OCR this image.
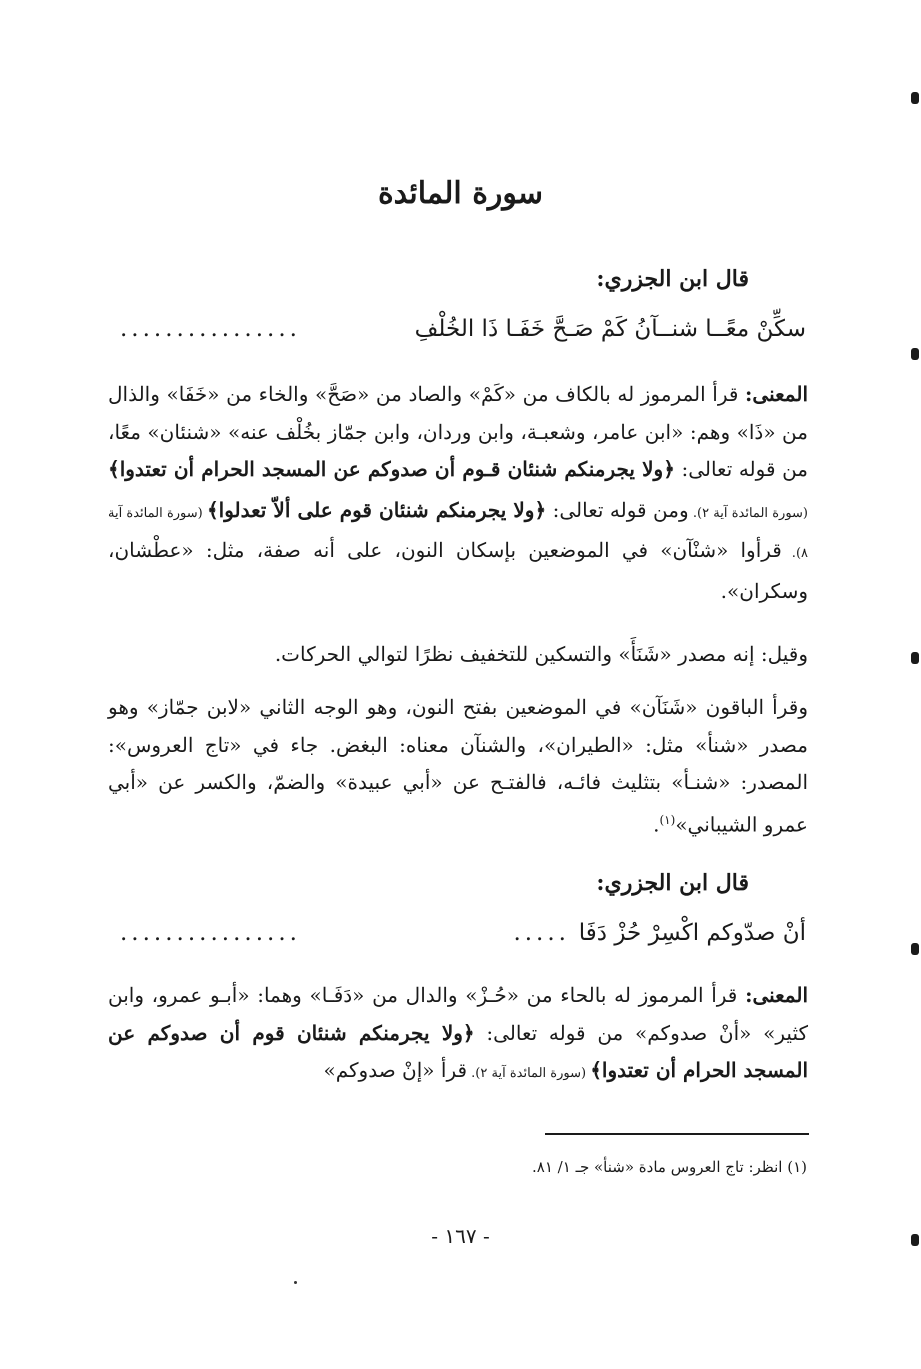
سورة المائدة
قال ابن الجزري:
سكِّنْ معًــا شنــآنُ كَمْ صَـحَّ خَفَـا ذَا الخُلْفِ
................
المعنى: قرأ المرموز له بالكاف من «كَمْ» والصاد من «صَحَّ» والخاء من «خَفَا» والذال من «ذَا» وهم: «ابن عامر، وشعبـة، وابن وردان، وابن جمّاز بخُلْف عنه» «شنئان» معًا، من قوله تعالى: ﴿ولا يجرمنكم شنئان قـوم أن صدوكم عن المسجد الحرام أن تعتدوا﴾ (سورة المائدة آية ٢). ومن قوله تعالى: ﴿ولا يجرمنكم شنئان قوم على ألاّ تعدلوا﴾ (سورة المائدة آية ٨). قرأوا «شنْآن» في الموضعين بإسكان النون، على أنه صفة، مثل: «عطْشان، وسكران».
وقيل: إنه مصدر «شَنَأَ» والتسكين للتخفيف نظرًا لتوالي الحركات.
وقرأ الباقون «شَنَآن» في الموضعين بفتح النون، وهو الوجه الثاني «لابن جمّاز» وهو مصدر «شنأ» مثل: «الطيران»، والشنآن معناه: البغض. جاء في «تاج العروس»: المصدر: «شنـأ» بتثليث فائـه، فالفتـح عن «أبي عبيدة» والضمّ، والكسر عن «أبي عمرو الشيباني»$^{(١)}$.
قال ابن الجزري:
أنْ صدّوكم اكْسِرْ حُزْ دَفَا
.....
................
المعنى: قرأ المرموز له بالحاء من «حُـزْ» والدال من «دَفَـا» وهما: «أبـو عمرو، وابن كثير» «أنْ صدوكم» من قوله تعالى: ﴿ولا يجرمنكم شنئان قوم أن صدوكم عن المسجد الحرام أن تعتدوا﴾ (سورة المائدة آية ٢). قرأ «إنْ صدوكم»
(١) انظر: تاج العروس مادة «شنأ» جـ ١/ ٨١.
- ١٦٧ -
